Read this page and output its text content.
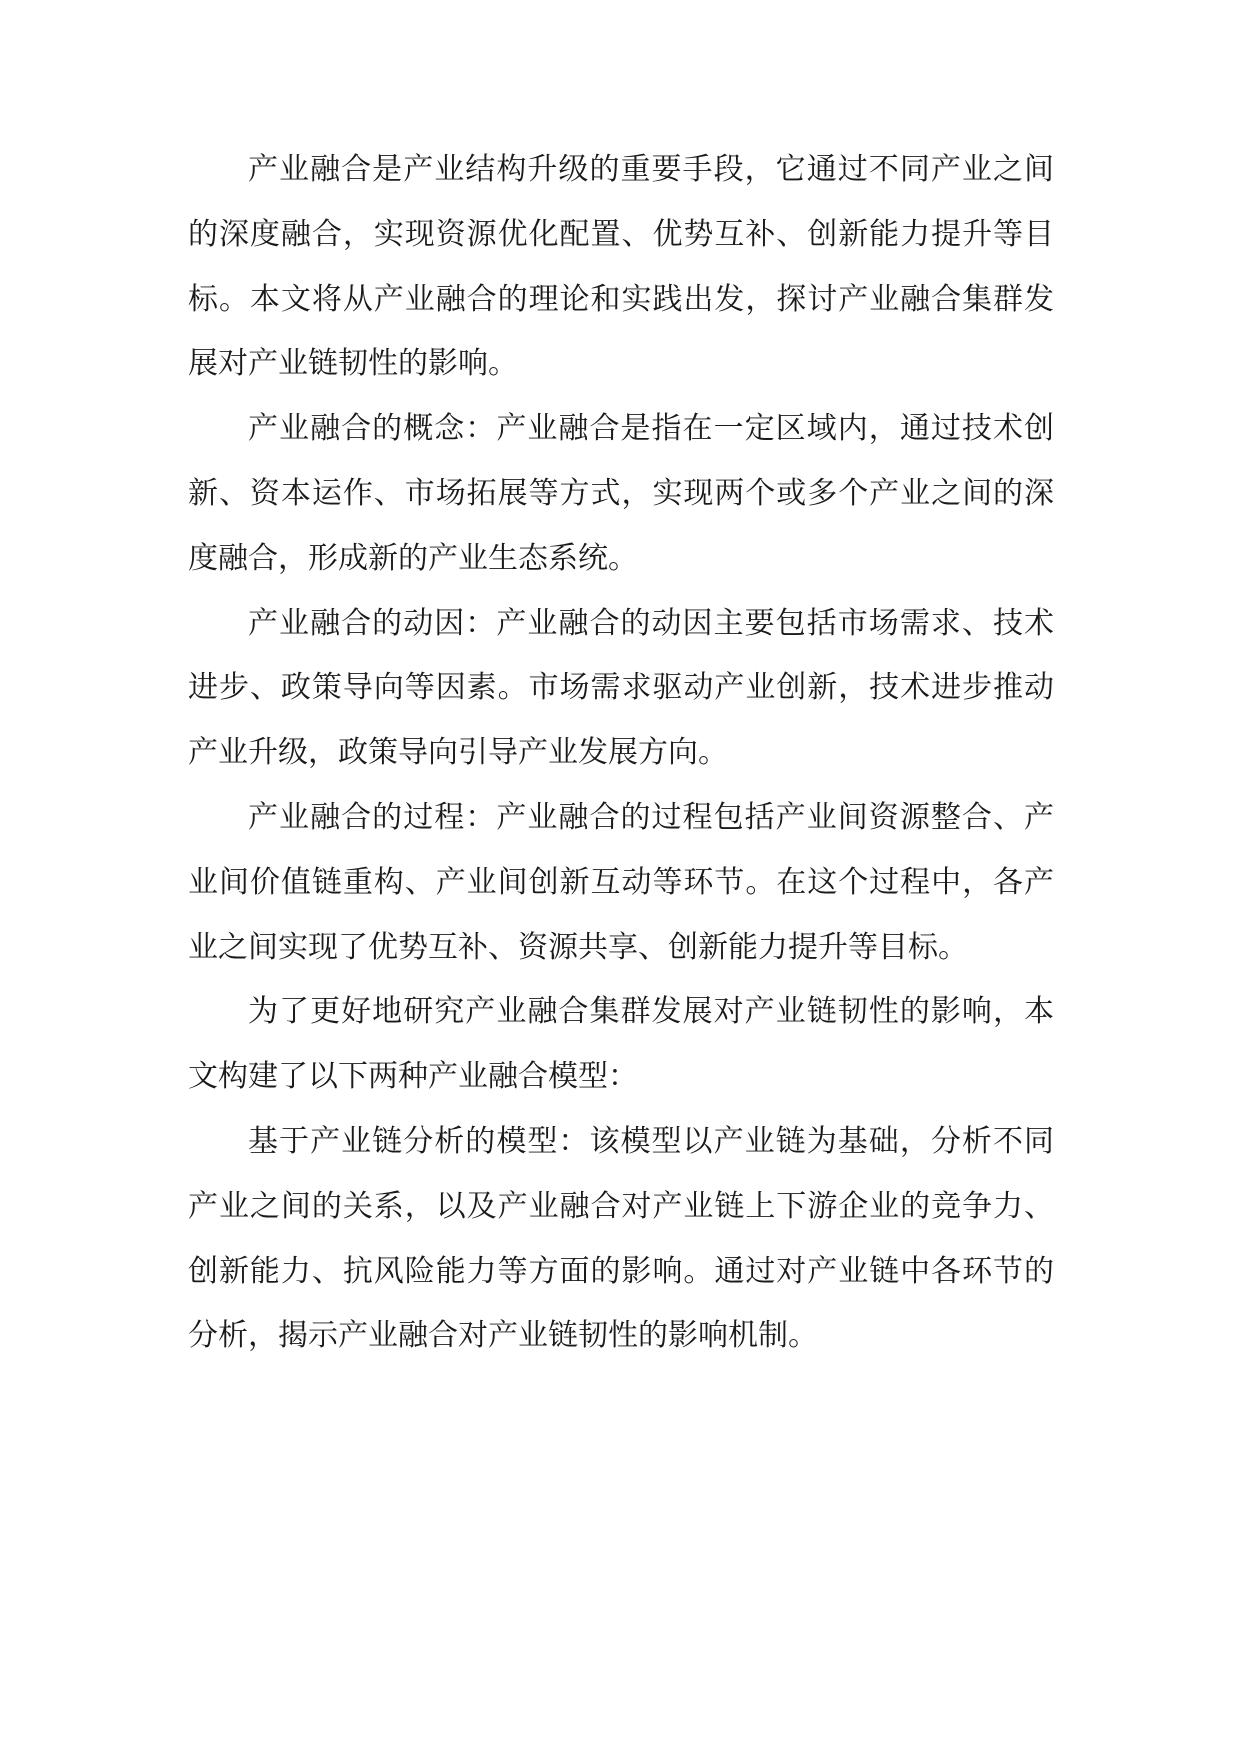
产业融合是产业结构升级的重要手段，它通过不同产业之间的深度融合，实现资源优化配置、优势互补、创新能力提升等目标。本文将从产业融合的理论和实践出发，探讨产业融合集群发展对产业链韧性的影响。

产业融合的概念：产业融合是指在一定区域内，通过技术创新、资本运作、市场拓展等方式，实现两个或多个产业之间的深度融合，形成新的产业生态系统。

产业融合的动因：产业融合的动因主要包括市场需求、技术进步、政策导向等因素。市场需求驱动产业创新，技术进步推动产业升级，政策导向引导产业发展方向。

产业融合的过程：产业融合的过程包括产业间资源整合、产业间价值链重构、产业间创新互动等环节。在这个过程中，各产业之间实现了优势互补、资源共享、创新能力提升等目标。

为了更好地研究产业融合集群发展对产业链韧性的影响，本文构建了以下两种产业融合模型：

基于产业链分析的模型：该模型以产业链为基础，分析不同产业之间的关系，以及产业融合对产业链上下游企业的竞争力、创新能力、抗风险能力等方面的影响。通过对产业链中各环节的分析，揭示产业融合对产业链韧性的影响机制。
